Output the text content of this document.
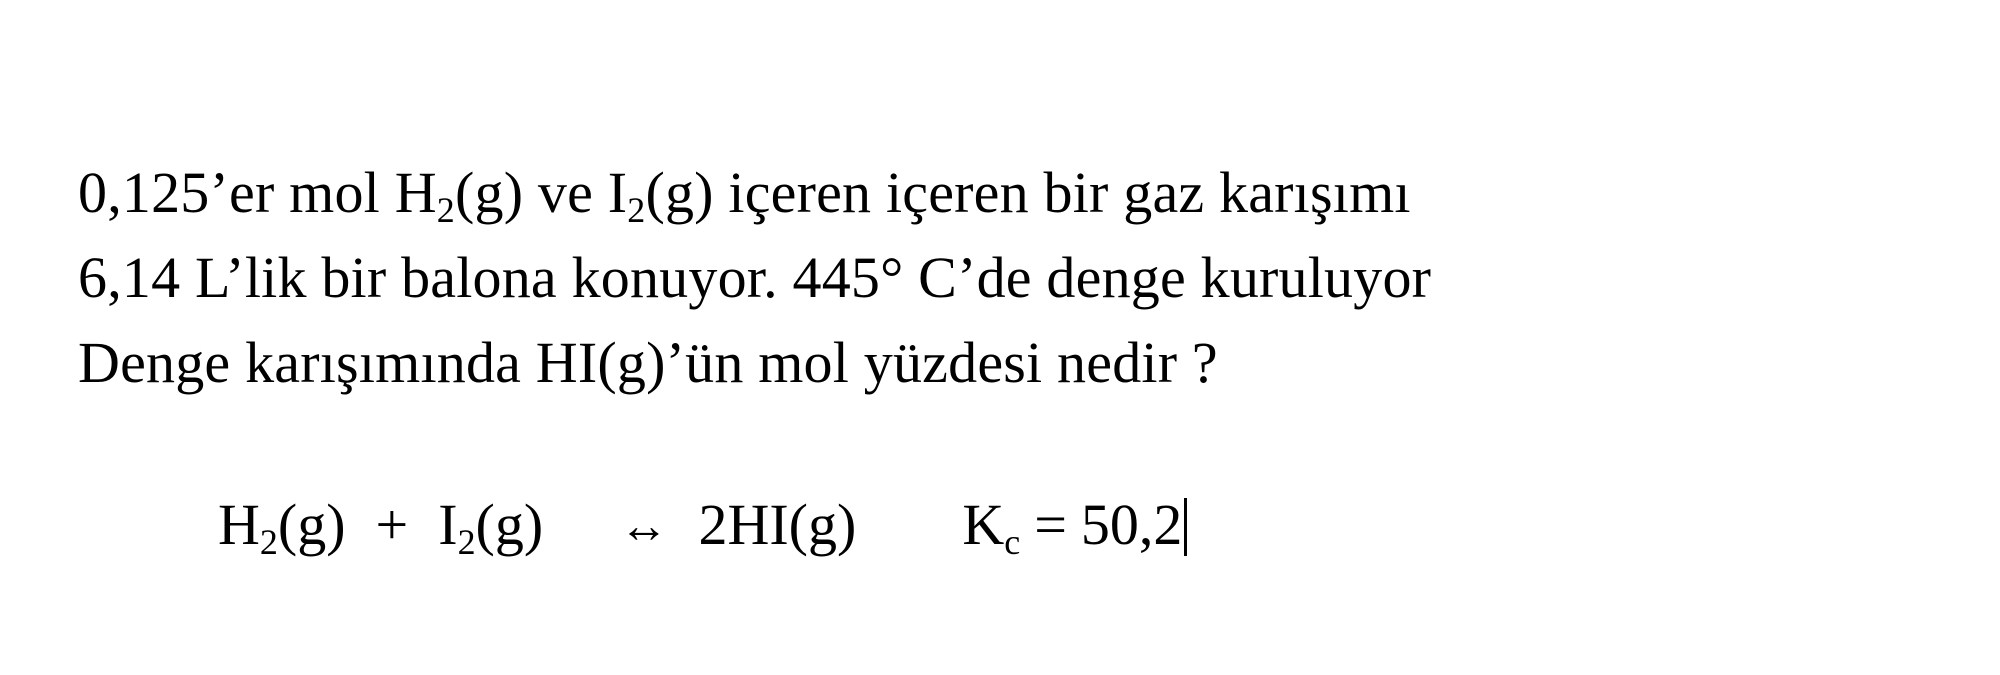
0,125’er mol $H_2(g)$ ve $I_2(g)$ içeren içeren bir gaz karışımı
6,14 L’lik bir balona konuyor. 445° C’de denge kuruluyor
Denge karışımında HI(g)’ün mol yüzdesi nedir ?
$H_2(g) + I_2(g)$ ↔ 2HI(g) $K_c = 50,2$
